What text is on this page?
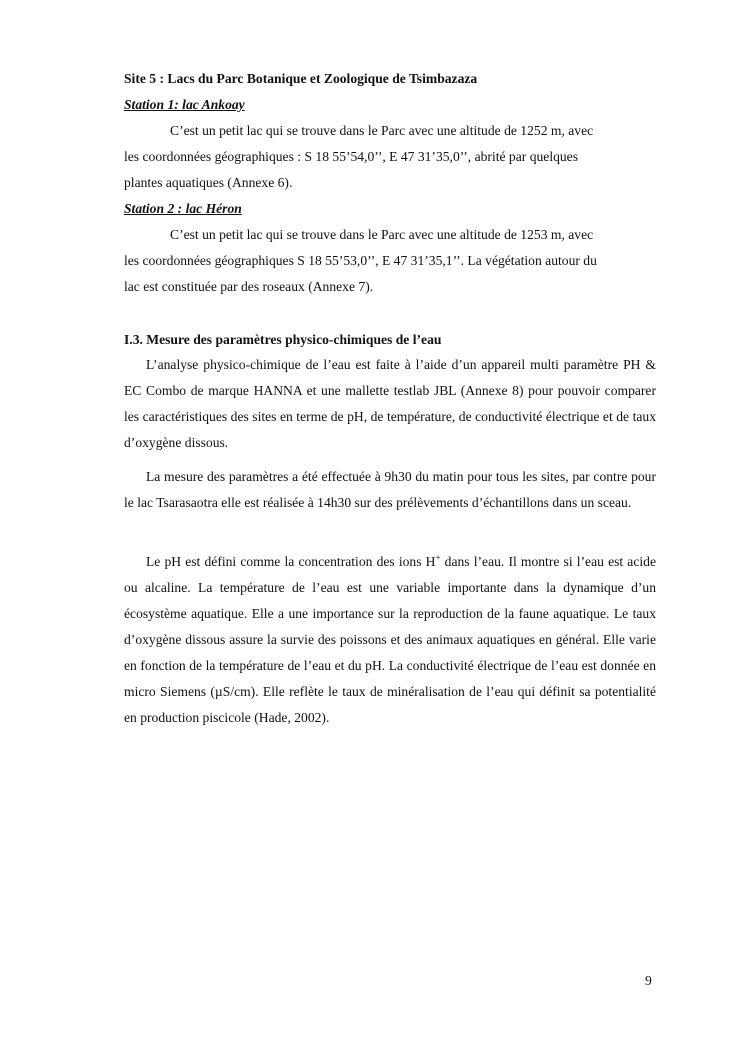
Site 5 : Lacs du Parc Botanique et Zoologique de Tsimbazaza
Station 1: lac Ankoay
C’est un petit lac qui se trouve dans le Parc avec une altitude de 1252 m, avec
les coordonnées géographiques : S 18 55’54,0’’, E 47 31’35,0’’, abrité par quelques
plantes aquatiques (Annexe 6).
Station 2 : lac Héron
C’est un petit lac qui se trouve dans le Parc avec une altitude de 1253 m, avec
les coordonnées géographiques S 18 55’53,0’’, E 47 31’35,1’’. La végétation autour du
lac est constituée par des roseaux (Annexe 7).
I.3. Mesure des paramètres physico-chimiques de l’eau

L’analyse physico-chimique de l’eau est faite à l’aide d’un appareil multi paramètre PH & EC Combo de marque HANNA et une mallette testlab JBL (Annexe 8) pour pouvoir comparer les caractéristiques des sites en terme de pH, de température, de conductivité électrique et de taux d’oxygène dissous.

La mesure des paramètres a été effectuée à 9h30 du matin pour tous les sites, par contre pour le lac Tsarasaotra elle est réalisée à 14h30 sur des prélèvements d’échantillons dans un sceau.

Le pH est défini comme la concentration des ions H+ dans l’eau. Il montre si l’eau est acide ou alcaline. La température de l’eau est une variable importante dans la dynamique d’un écosystème aquatique. Elle a une importance sur la reproduction de la faune aquatique. Le taux d’oxygène dissous assure la survie des poissons et des animaux aquatiques en général. Elle varie en fonction de la température de l’eau et du pH. La conductivité électrique de l’eau est donnée en micro Siemens (µS/cm). Elle reflète le taux de minéralisation de l’eau qui définit sa potentialité en production piscicole (Hade, 2002).

9
